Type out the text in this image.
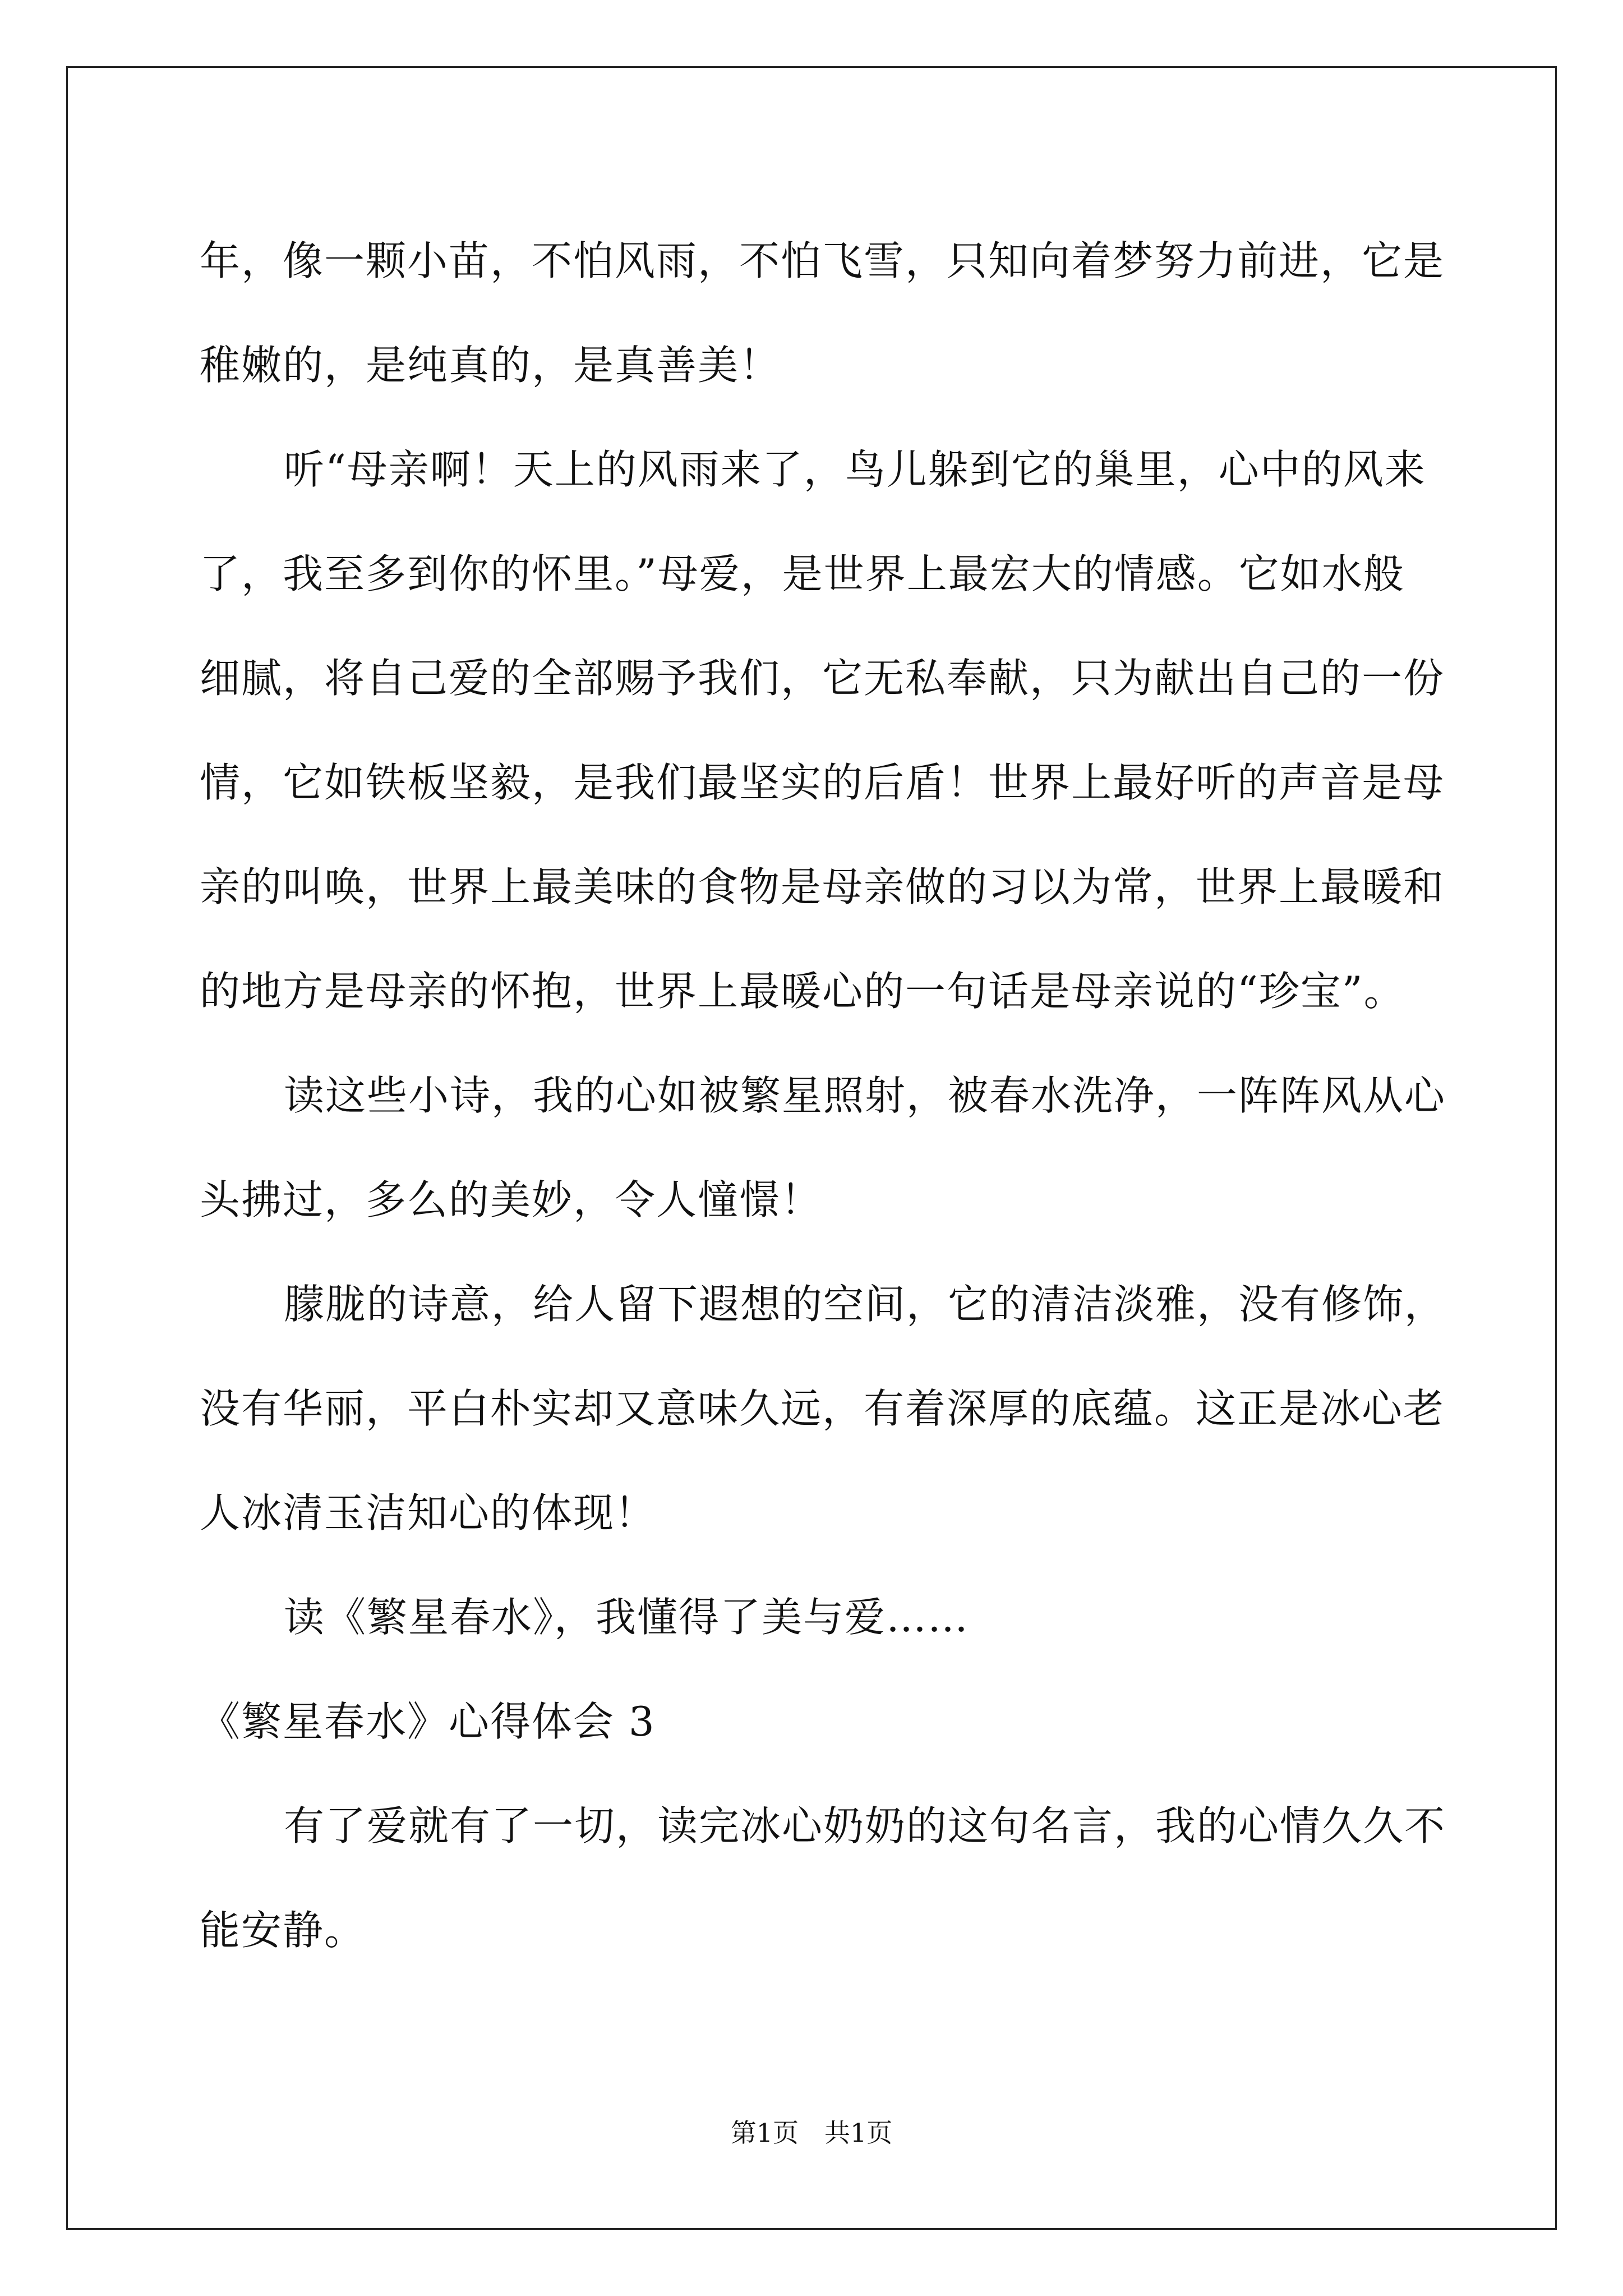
年，像一颗小苗，不怕风雨，不怕飞雪，只知向着梦努力前进，它是
稚嫩的，是纯真的，是真善美！
听“母亲啊！天上的风雨来了，鸟儿躲到它的巢里，心中的风来
了，我至多到你的怀里。”母爱，是世界上最宏大的情感。它如水般
细腻，将自己爱的全部赐予我们，它无私奉献，只为献出自己的一份
情，它如铁板坚毅，是我们最坚实的后盾！世界上最好听的声音是母
亲的叫唤，世界上最美味的食物是母亲做的习以为常，世界上最暖和
的地方是母亲的怀抱，世界上最暖心的一句话是母亲说的“珍宝”。
读这些小诗，我的心如被繁星照射，被春水洗净，一阵阵风从心
头拂过，多么的美妙，令人憧憬！
朦胧的诗意，给人留下遐想的空间，它的清洁淡雅，没有修饰，
没有华丽，平白朴实却又意味久远，有着深厚的底蕴。这正是冰心老
人冰清玉洁知心的体现！
读《繁星春水》，我懂得了美与爱……
《繁星春水》心得体会 3
有了爱就有了一切，读完冰心奶奶的这句名言，我的心情久久不
能安静。
第1页　共1页
